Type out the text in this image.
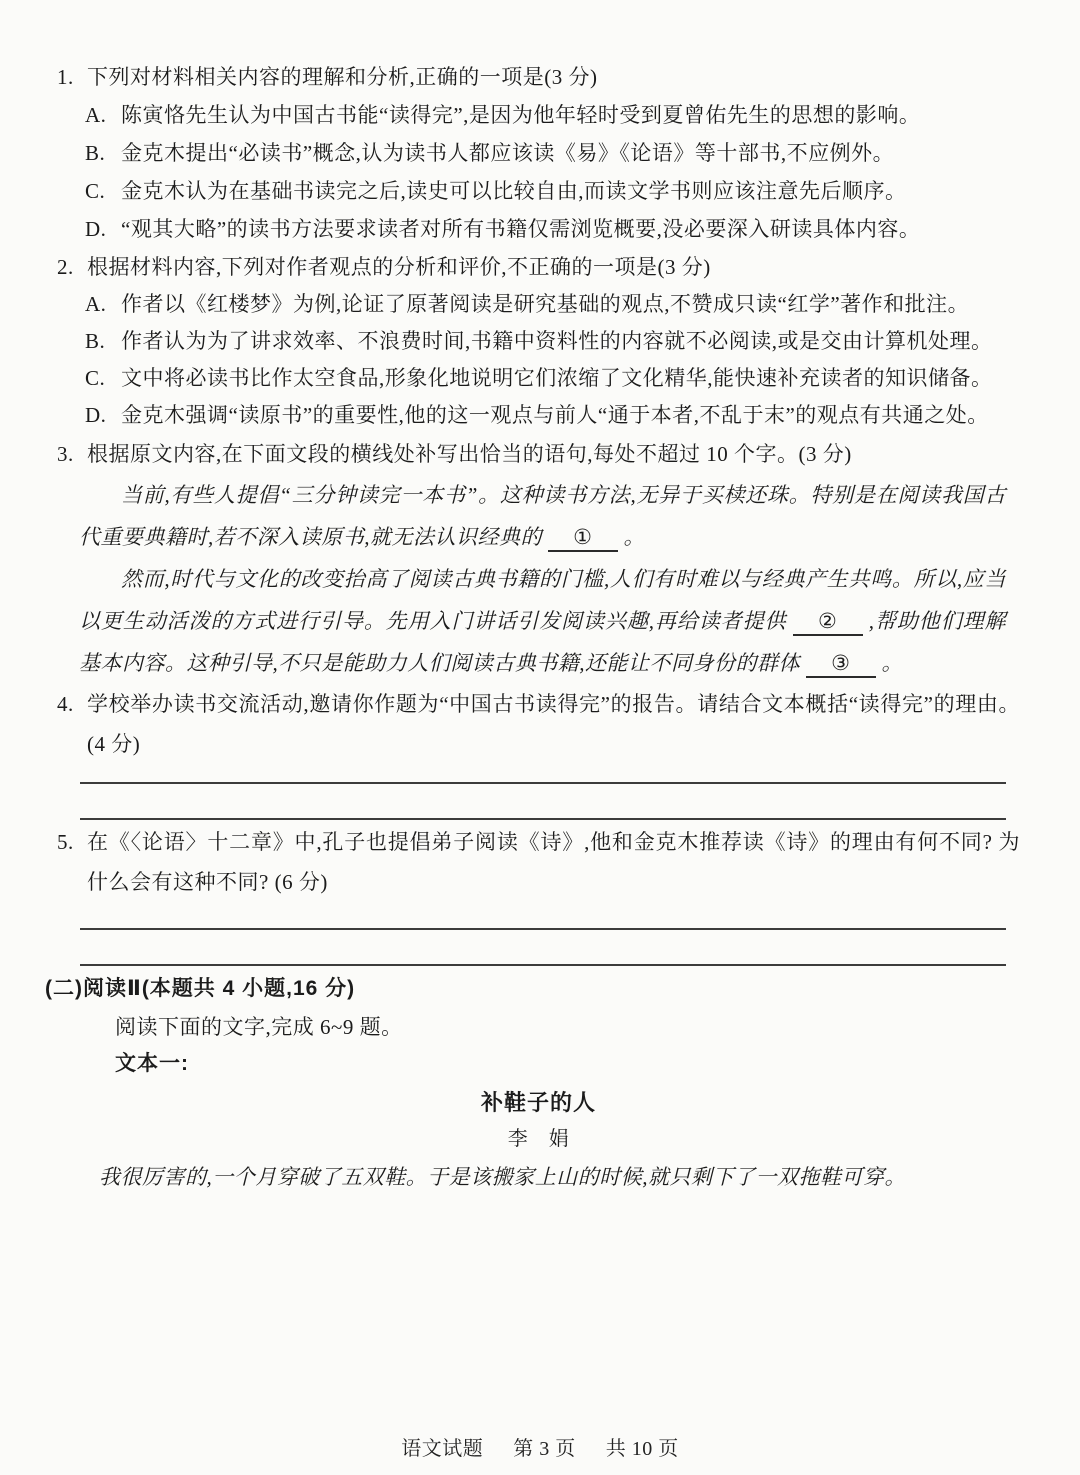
1. 下列对材料相关内容的理解和分析,正确的一项是(3 分)
A. 陈寅恪先生认为中国古书能“读得完”,是因为他年轻时受到夏曾佑先生的思想的影响。
B. 金克木提出“必读书”概念,认为读书人都应该读《易》《论语》等十部书,不应例外。
C. 金克木认为在基础书读完之后,读史可以比较自由,而读文学书则应该注意先后顺序。
D. “观其大略”的读书方法要求读者对所有书籍仅需浏览概要,没必要深入研读具体内容。
2. 根据材料内容,下列对作者观点的分析和评价,不正确的一项是(3 分)
A. 作者以《红楼梦》为例,论证了原著阅读是研究基础的观点,不赞成只读“红学”著作和批注。
B. 作者认为为了讲求效率、不浪费时间,书籍中资料性的内容就不必阅读,或是交由计算机处理。
C. 文中将必读书比作太空食品,形象化地说明它们浓缩了文化精华,能快速补充读者的知识储备。
D. 金克木强调“读原书”的重要性,他的这一观点与前人“通于本者,不乱于末”的观点有共通之处。
3. 根据原文内容,在下面文段的横线处补写出恰当的语句,每处不超过 10 个字。(3 分)

当前,有些人提倡“三分钟读完一本书”。这种读书方法,无异于买椟还珠。特别是在阅读我国古代重要典籍时,若不深入读原书,就无法认识经典的 ① 。

然而,时代与文化的改变抬高了阅读古典书籍的门槛,人们有时难以与经典产生共鸣。所以,应当以更生动活泼的方式进行引导。先用入门讲话引发阅读兴趣,再给读者提供 ② ,帮助他们理解基本内容。这种引导,不只是能助力人们阅读古典书籍,还能让不同身份的群体 ③ 。

4. 学校举办读书交流活动,邀请你作题为“中国古书读得完”的报告。请结合文本概括“读得完”的理由。(4 分)
5. 在《〈论语〉十二章》中,孔子也提倡弟子阅读《诗》,他和金克木推荐读《诗》的理由有何不同? 为什么会有这种不同? (6 分)
(二)阅读Ⅱ(本题共 4 小题,16 分)
阅读下面的文字,完成 6~9 题。
文本一:
补鞋子的人
李　娟
我很厉害的,一个月穿破了五双鞋。于是该搬家上山的时候,就只剩下了一双拖鞋可穿。
语文试题 第 3 页 共 10 页
